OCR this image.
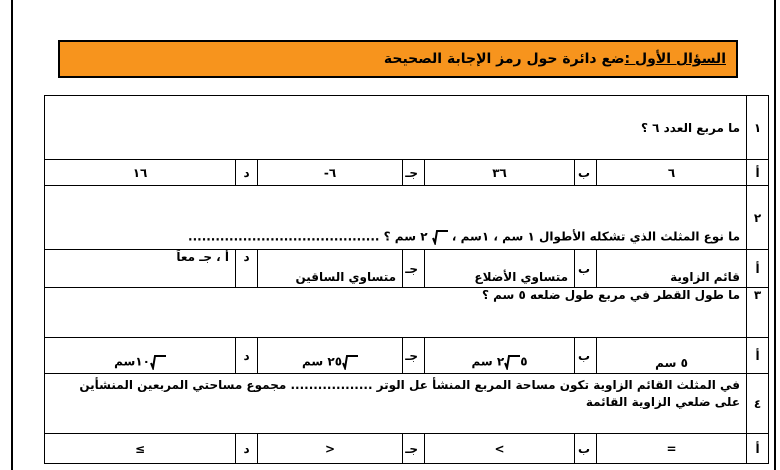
السؤال الأول :
ضع دائرة حول رمز الإجابة الصحيحة
١	ما مربع العدد ٦ ؟						
أ	٦	ب	٣٦	جـ	٦-	د	١٦
٢	ما نوع المثلث الذي تشكله الأطوال ١ سم ، ١سم ،  ٢ سم ؟ ..........................................						
أ	قائم الزاوية	ب	متساوي الأضلاع	جـ	متساوي الساقين	د	أ ، جـ معاً
٣	ما طول القطر في مربع طول ضلعه ٥ سم ؟						
أ	٥ سم	ب	٥٢ سم	جـ	٢٥ سم	د	١٠سم
٤	في المثلث القائم الزاوية تكون مساحة المربع المنشأ عل الوتر .................. مجموع مساحتي المربعين المنشأين على ضلعي الزاوية القائمة						
أ	=	ب	>	جـ	<	د	≥
